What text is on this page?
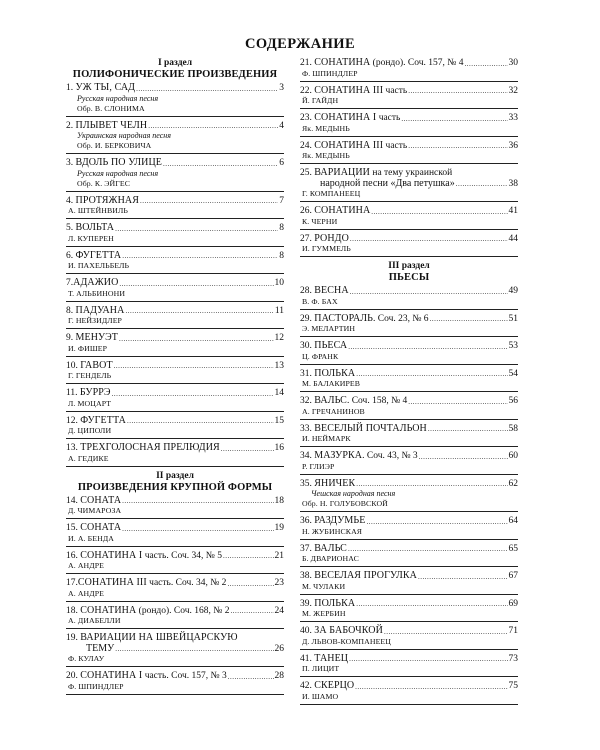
СОДЕРЖАНИЕ
I раздел
ПОЛИФОНИЧЕСКИЕ ПРОИЗВЕДЕНИЯ
1. УЖ ТЫ, САД .....	3
Русская народная песня
Обр. В. СЛОНИМА
2. ПЛЫВЕТ ЧЕЛН .....	4
Украинская народная песня
Обр. И. БЕРКОВИЧА
3. ВДОЛЬ ПО УЛИЦЕ .....	6
Русская народная песня
Обр. К. ЭЙГЕС
4. ПРОТЯЖНАЯ .....	7
А. ШТЕЙНВИЛЬ
5. ВОЛЬТА .....	8
Л. КУПЕРЕН
6. ФУГЕТТА .....	8
И. ПАХЕЛЬБЕЛЬ
7.АДАЖИО .....	10
Т. АЛЬБИНОНИ
8. ПАДУАНА .....	11
Г. НЕЙЗИДЛЕР
9. МЕНУЭТ .....	12
И. ФИШЕР
10. ГАВОТ .....	13
Г. ГЕНДЕЛЬ
11. БУРРЭ .....	14
Л. МОЦАРТ
12. ФУГЕТТА .....	15
Д. ЦИПОЛИ
13. ТРЕХГОЛОСНАЯ ПРЕЛЮДИЯ .....	16
А. ГЕДИКЕ
II раздел
ПРОИЗВЕДЕНИЯ КРУПНОЙ ФОРМЫ
14. СОНАТА .....	18
Д. ЧИМАРОЗА
15. СОНАТА .....	19
И. А. БЕНДА
16. СОНАТИНА I часть. Соч. 34, № 5 .....	21
А. АНДРЕ
17.СОНАТИНА III часть. Соч. 34, № 2 .....	23
А. АНДРЕ
18. СОНАТИНА (рондо). Соч. 168, № 2 .....	24
А. ДИАБЕЛЛИ
19. ВАРИАЦИИ НА ШВЕЙЦАРСКУЮ
ТЕМУ .....	26
Ф. КУЛАУ
20. СОНАТИНА I часть. Соч. 157, № 3 .....	28
Ф. ШПИНДЛЕР
21. СОНАТИНА (рондо). Соч. 157, № 4 .....	30
Ф. ШПИНДЛЕР
22. СОНАТИНА III часть .....	32
Й. ГАЙДН
23. СОНАТИНА I часть .....	33
Як. МЕДЫНЬ
24. СОНАТИНА III часть .....	36
Як. МЕДЫНЬ
25. ВАРИАЦИИ на тему украинской
народной песни «Два петушка» .....	38
Г. КОМПАНЕЕЦ
26. СОНАТИНА .....	41
К. ЧЕРНИ
27. РОНДО .....	44
И. ГУММЕЛЬ
III раздел
ПЬЕСЫ
28. ВЕСНА .....	49
В. Ф. БАХ
29. ПАСТОРАЛЬ. Соч. 23, № 6 .....	51
Э. МЕЛАРТИН
30. ПЬЕСА .....	53
Ц. ФРАНК
31. ПОЛЬКА .....	54
М. БАЛАКИРЕВ
32. ВАЛЬС. Соч. 158, № 4 .....	56
А. ГРЕЧАНИНОВ
33. ВЕСЕЛЫЙ ПОЧТАЛЬОН .....	58
И. НЕЙМАРК
34. МАЗУРКА. Соч. 43, № 3 .....	60
Р. ГЛИЭР
35. ЯНИЧЕК .....	62
Чешская народная песня
Обр. Н. ГОЛУБОВСКОЙ
36. РАЗДУМЬЕ .....	64
Н. ЖУБИНСКАЯ
37. ВАЛЬС .....	65
Б. ДВАРИОНАС
38. ВЕСЕЛАЯ ПРОГУЛКА .....	67
М. ЧУЛАКИ
39. ПОЛЬКА .....	69
М. ЖЕРБИН
40. ЗА БАБОЧКОЙ .....	71
Д. ЛЬВОВ-КОМПАНЕЕЦ
41. ТАНЕЦ .....	73
П. ЛИЦИТ
42. СКЕРЦО .....	75
И. ШАМО
